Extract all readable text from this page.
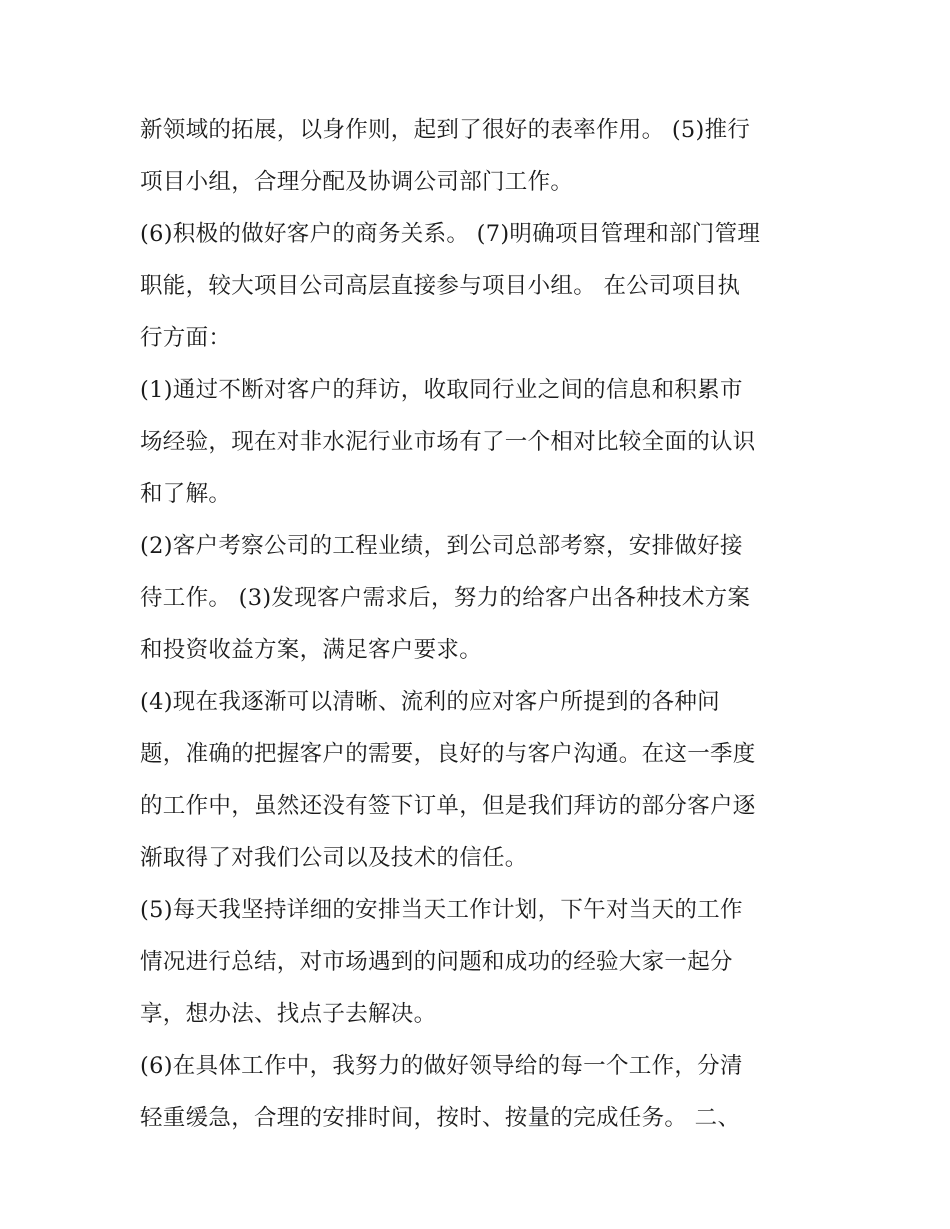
新领域的拓展，以身作则，起到了很好的表率作用。 (5)推行
项目小组，合理分配及协调公司部门工作。
(6)积极的做好客户的商务关系。 (7)明确项目管理和部门管理
职能，较大项目公司高层直接参与项目小组。 在公司项目执
行方面：
(1)通过不断对客户的拜访，收取同行业之间的信息和积累市
场经验，现在对非水泥行业市场有了一个相对比较全面的认识
和了解。
(2)客户考察公司的工程业绩，到公司总部考察，安排做好接
待工作。 (3)发现客户需求后，努力的给客户出各种技术方案
和投资收益方案，满足客户要求。
(4)现在我逐渐可以清晰、流利的应对客户所提到的各种问
题，准确的把握客户的需要，良好的与客户沟通。在这一季度
的工作中，虽然还没有签下订单，但是我们拜访的部分客户逐
渐取得了对我们公司以及技术的信任。
(5)每天我坚持详细的安排当天工作计划，下午对当天的工作
情况进行总结，对市场遇到的问题和成功的经验大家一起分
享，想办法、找点子去解决。
(6)在具体工作中，我努力的做好领导给的每一个工作，分清
轻重缓急，合理的安排时间，按时、按量的完成任务。 二、
